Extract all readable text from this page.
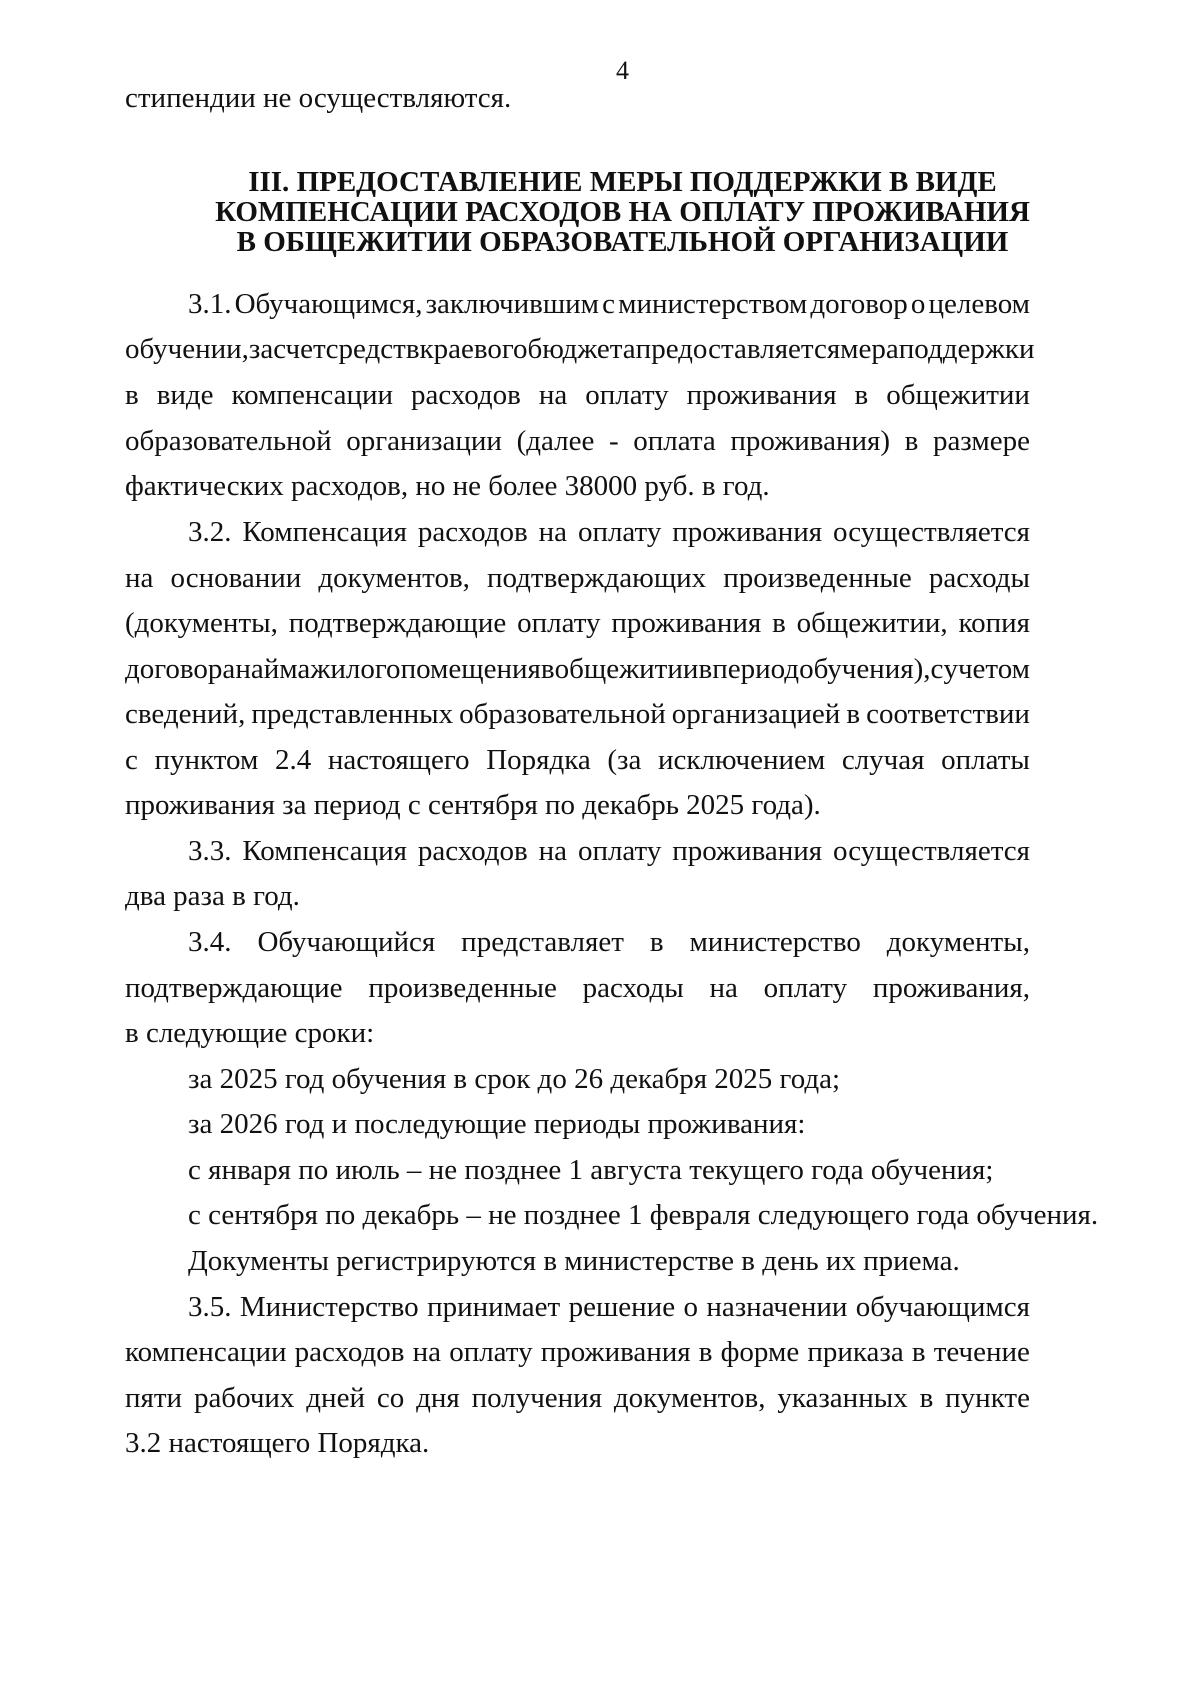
4
стипендии не осуществляются.
III. ПРЕДОСТАВЛЕНИЕ МЕРЫ ПОДДЕРЖКИ В ВИДЕ
КОМПЕНСАЦИИ РАСХОДОВ НА ОПЛАТУ ПРОЖИВАНИЯ
В ОБЩЕЖИТИИ ОБРАЗОВАТЕЛЬНОЙ ОРГАНИЗАЦИИ
3.1. Обучающимся, заключившим с министерством договор о целевом
обучении, за счет средств краевого бюджета предоставляется мера поддержки
в виде компенсации расходов на оплату проживания в общежитии
образовательной организации (далее - оплата проживания) в размере
фактических расходов, но не более 38000 руб. в год.
3.2. Компенсация расходов на оплату проживания осуществляется
на основании документов, подтверждающих произведенные расходы
(документы, подтверждающие оплату проживания в общежитии, копия
договора найма жилого помещения в общежитии в период обучения), с учетом
сведений, представленных образовательной организацией в соответствии
с пунктом 2.4 настоящего Порядка (за исключением случая оплаты
проживания за период с сентября по декабрь 2025 года).
3.3. Компенсация расходов на оплату проживания осуществляется
два раза в год.
3.4. Обучающийся представляет в министерство документы,
подтверждающие произведенные расходы на оплату проживания,
в следующие сроки:
за 2025 год обучения в срок до 26 декабря 2025 года;
за 2026 год и последующие периоды проживания:
с января по июль – не позднее 1 августа текущего года обучения;
с сентября по декабрь – не позднее 1 февраля следующего года обучения.
Документы регистрируются в министерстве в день их приема.
3.5. Министерство принимает решение о назначении обучающимся
компенсации расходов на оплату проживания в форме приказа в течение
пяти рабочих дней со дня получения документов, указанных в пункте
3.2 настоящего Порядка.
